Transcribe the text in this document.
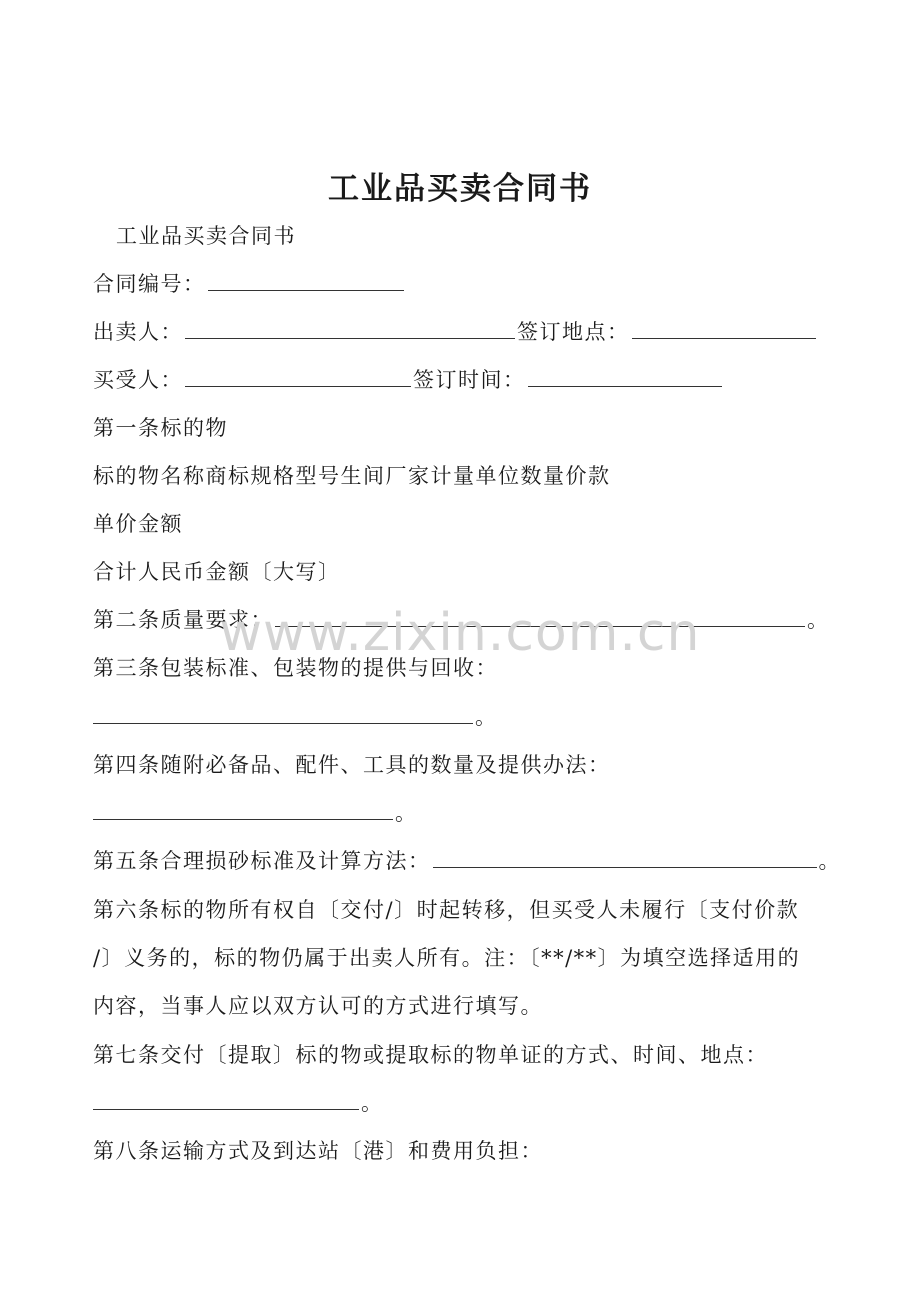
工业品买卖合同书
工业品买卖合同书
合同编号：
出卖人：	签订地点：
买受人：	签订时间：
第一条标的物
标的物名称商标规格型号生间厂家计量单位数量价款
单价金额
合计人民币金额〔大写〕
第二条质量要求：	。
第三条包装标准、包装物的提供与回收：
。
第四条随附必备品、配件、工具的数量及提供办法：
。
第五条合理损砂标准及计算方法：	。
第六条标的物所有权自〔交付/〕时起转移，但买受人未履行〔支付价款
/〕义务的，标的物仍属于出卖人所有。注：〔**/**〕为填空选择适用的
内容，当事人应以双方认可的方式进行填写。
第七条交付〔提取〕标的物或提取标的物单证的方式、时间、地点：
。
第八条运输方式及到达站〔港〕和费用负担：
www.zixin.com.cn
